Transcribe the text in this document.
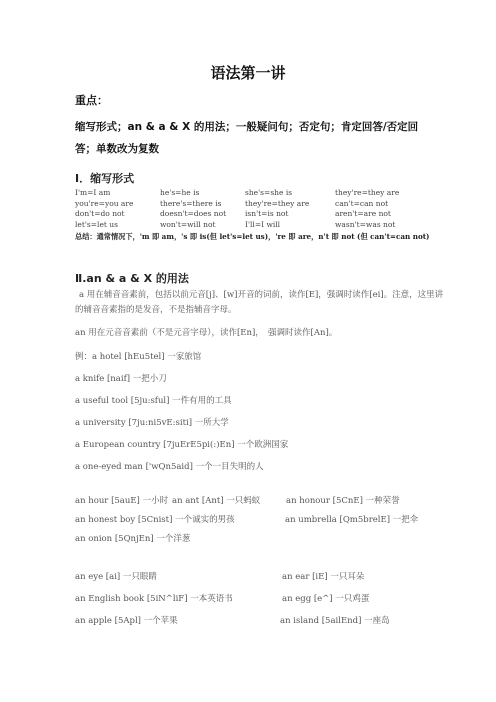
语法第一讲
重点：
缩写形式；an & a & X 的用法；一般疑问句；否定句；肯定回答/否定回答；单数改为复数
Ⅰ．缩写形式
I'm=I am	he's=he is	she's=she is	they're=they are
you're=you are	there's=there is	they're=they are	can't=can not
don't=do not	doesn't=does not	isn't=is not	aren't=are not
let's=let us	won't=will not	I'll=I will	wasn't=was not
总结：通常情况下，'m 即 am，'s 即 is(但 let's=let us)，'re 即 are，n't 即 not (但 can't=can not)
Ⅱ.an & a & X 的用法
a 用在辅音音素前，包括以前元音[j]、[w]开音的词前，读作[E]，强调时读作[ei]。注意，这里讲的辅音音素指的是发音，不是指辅音字母。
an 用在元音音素前（不是元音字母），读作[En]，　强调时读作[An]。
例：a hotel [hEu5tel] 一家旅馆
a knife [naif] 一把小刀
a useful tool [5ju:sful] 一件有用的工具
a university [7ju:ni5vE:siti] 一所大学
a European country [7juErE5pi(:)En] 一个欧洲国家
a one-eyed man ['wQn5aid] 一个一目失明的人
an hour [5auE] 一小时 an ant [Ant] 一只蚂蚁	an honour [5CnE] 一种荣誉
an honest boy [5Cnist] 一个诚实的男孩	an umbrella [Qm5brelE] 一把伞
an onion [5QnjEn] 一个洋葱
an eye [ai] 一只眼睛	an ear [iE] 一只耳朵
an English book [5iN^liF] 一本英语书	an egg [e^] 一只鸡蛋
an apple [5Apl] 一个苹果	an island [5ailEnd] 一座岛
